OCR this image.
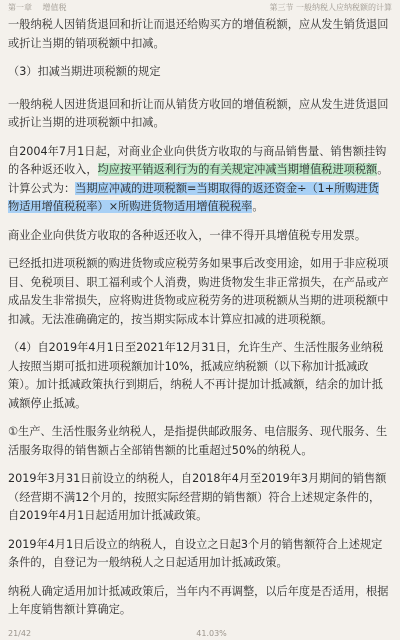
第一章 增值税	第三节 一般纳税人应纳税额的计算

一般纳税人因销货退回和折让而退还给购买方的增值税额，应从发生销货退回或折让当期的销项税额中扣减。

（3）扣减当期进项税额的规定

一般纳税人因进货退回和折让而从销货方收回的增值税额，应从发生进货退回或折让当期的进项税额中扣减。

自2004年7月1日起，对商业企业向供货方收取的与商品销售量、销售额挂钩的各种返还收入，均应按平销返利行为的有关规定冲减当期增值税进项税额。计算公式为：当期应冲减的进项税额=当期取得的返还资金÷（1+所购进货物适用增值税税率）×所购进货物适用增值税税率。

商业企业向供货方收取的各种返还收入，一律不得开具增值税专用发票。

已经抵扣进项税额的购进货物或应税劳务如果事后改变用途，如用于非应税项目、免税项目、职工福利或个人消费，购进货物发生非正常损失，在产品或产成品发生非常损失，应将购进货物或应税劳务的进项税额从当期的进项税额中扣减。无法准确确定的，按当期实际成本计算应扣减的进项税额。

（4）自2019年4月1日至2021年12月31日，允许生产、生活性服务业纳税人按照当期可抵扣进项税额加计10%，抵减应纳税额（以下称加计抵减政策）。加计抵减政策执行到期后，纳税人不再计提加计抵减额，结余的加计抵减额停止抵减。

①生产、生活性服务业纳税人，是指提供邮政服务、电信服务、现代服务、生活服务取得的销售额占全部销售额的比重超过50%的纳税人。

2019年3月31日前设立的纳税人，自2018年4月至2019年3月期间的销售额（经营期不满12个月的，按照实际经营期的销售额）符合上述规定条件的，自2019年4月1日起适用加计抵减政策。

2019年4月1日后设立的纳税人，自设立之日起3个月的销售额符合上述规定条件的，自登记为一般纳税人之日起适用加计抵减政策。

纳税人确定适用加计抵减政策后，当年内不再调整，以后年度是否适用，根据上年度销售额计算确定。

21/42	41.03%
